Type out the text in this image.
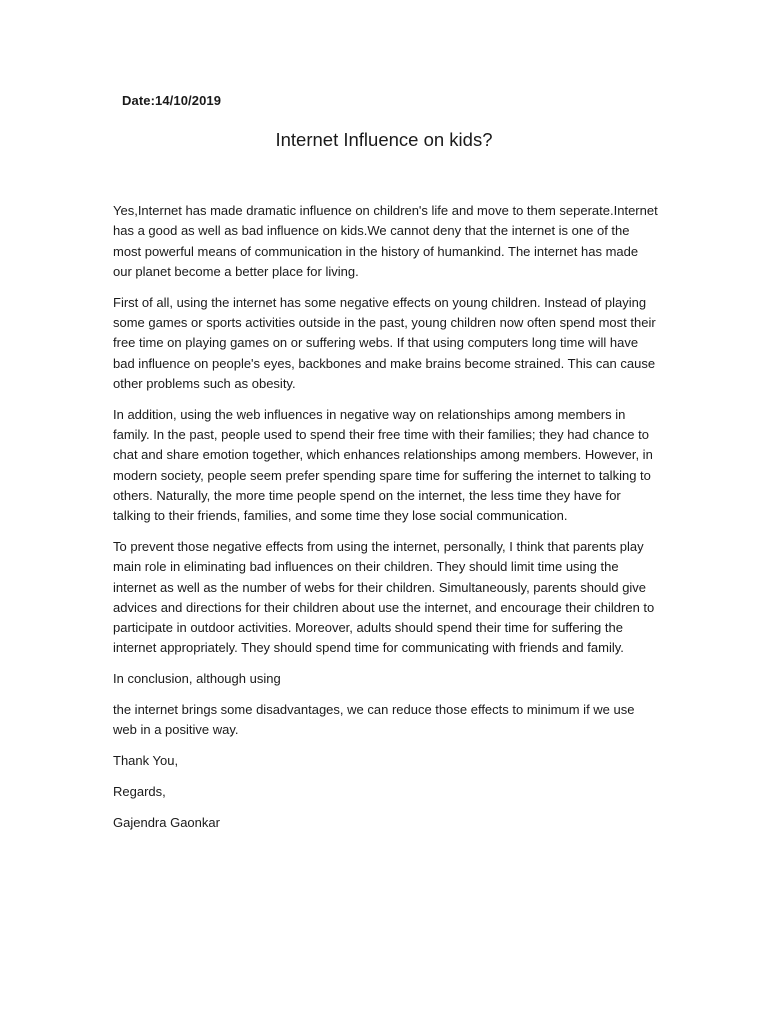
Date:14/10/2019
Internet Influence on kids?

Yes,Internet has made dramatic influence on children's life and move to them seperate.Internet has a good as well as bad influence on kids.We cannot deny that the internet is one of the most powerful means of communication in the history of humankind. The internet has made our planet become a better place for living.

First of all, using the internet has some negative effects on young children. Instead of playing some games or sports activities outside in the past, young children now often spend most their free time on playing games on or suffering webs. If that using computers long time will have bad influence on people's eyes, backbones and make brains become strained. This can cause other problems such as obesity.

In addition, using the web influences in negative way on relationships among members in family. In the past, people used to spend their free time with their families; they had chance to chat and share emotion together, which enhances relationships among members. However, in modern society, people seem prefer spending spare time for suffering the internet to talking to others. Naturally, the more time people spend on the internet, the less time they have for talking to their friends, families, and some time they lose social communication.

To prevent those negative effects from using the internet, personally, I think that parents play main role in eliminating bad influences on their children. They should limit time using the internet as well as the number of webs for their children. Simultaneously, parents should give advices and directions for their children about use the internet, and encourage their children to participate in outdoor activities. Moreover, adults should spend their time for suffering the internet appropriately. They should spend time for communicating with friends and family.

In conclusion, although using

the internet brings some disadvantages, we can reduce those effects to minimum if we use web in a positive way.

Thank You,

Regards,

Gajendra Gaonkar
